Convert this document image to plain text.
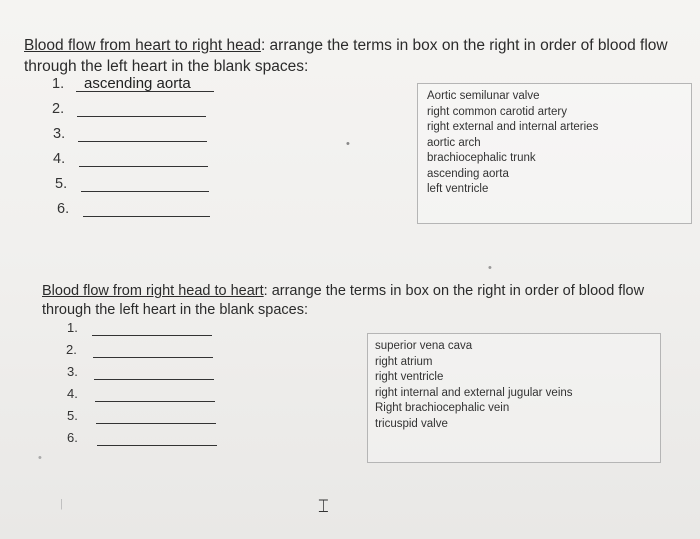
Blood flow from heart to right head: arrange the terms in box on the right in order of blood flow
through the left heart in the blank spaces:
1. ascending aorta
2.
3.
4.
5.
6.
Aortic semilunar valve
right common carotid artery
right external and internal arteries
aortic arch
brachiocephalic trunk
ascending aorta
left ventricle
Blood flow from right head to heart: arrange the terms in box on the right in order of blood flow
through the left heart in the blank spaces:
1.
2.
3.
4.
5.
6.
superior vena cava
right atrium
right ventricle
right internal and external jugular veins
Right brachiocephalic vein
tricuspid valve
•
•
•
|	⌶
